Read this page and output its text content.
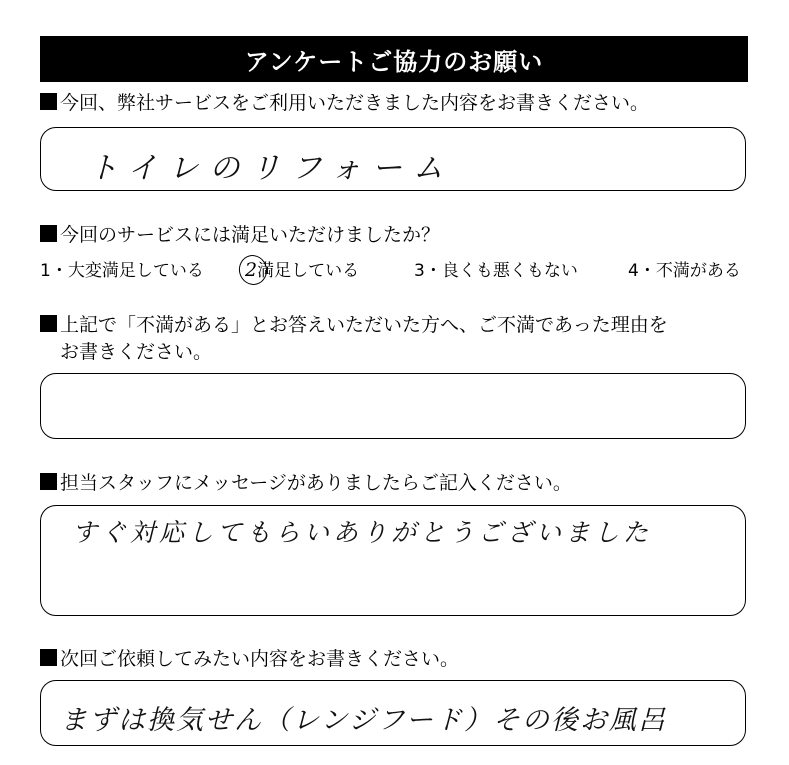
アンケートご協力のお願い
今回、弊社サービスをご利用いただきました内容をお書きください。
トイレのリフォーム
今回のサービスには満足いただけましたか？
1・大変満足している 2満足している	3・良くも悪くもない	4・不満がある
上記で「不満がある」とお答えいただいた方へ、ご不満であった理由を
お書きください。
担当スタッフにメッセージがありましたらご記入ください。
すぐ対応してもらいありがとうございました
次回ご依頼してみたい内容をお書きください。
まずは換気せん（レンジフード）その後お風呂
